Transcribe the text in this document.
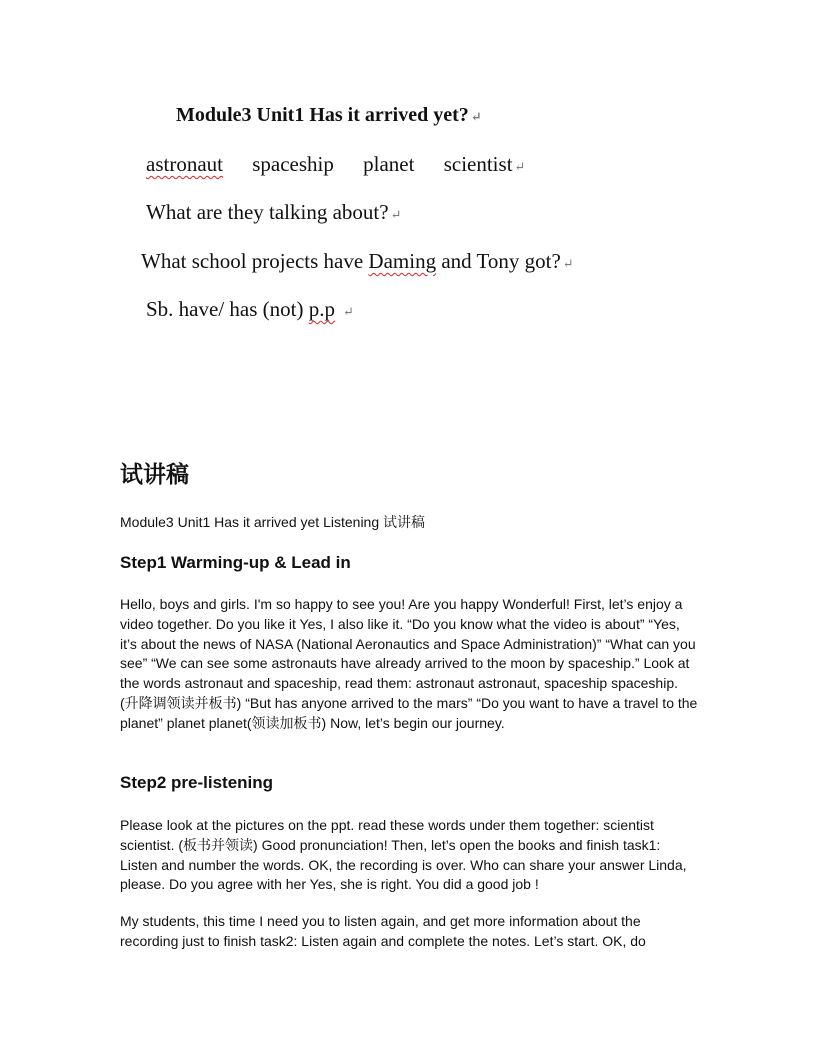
Module3 Unit1 Has it arrived yet? ↵
astronaut spaceship planet scientist ↵
What are they talking about? ↵
What school projects have Daming and Tony got? ↵
Sb. have/ has (not) p.p ↵
试讲稿
Module3 Unit1 Has it arrived yet Listening 试讲稿
Step1 Warming-up & Lead in
Hello, boys and girls. I'm so happy to see you! Are you happy Wonderful! First, let’s enjoy a video together. Do you like it Yes, I also like it. “Do you know what the video is about” “Yes, it’s about the news of NASA (National Aeronautics and Space Administration)” “What can you see” “We can see some astronauts have already arrived to the moon by spaceship.” Look at the words astronaut and spaceship, read them: astronaut astronaut, spaceship spaceship. (升降调领读并板书) “But has anyone arrived to the mars” “Do you want to have a travel to the planet” planet planet(领读加板书) Now, let’s begin our journey.
Step2 pre-listening
Please look at the pictures on the ppt. read these words under them together: scientist scientist. (板书并领读) Good pronunciation! Then, let’s open the books and finish task1: Listen and number the words. OK, the recording is over. Who can share your answer Linda, please. Do you agree with her Yes, she is right. You did a good job !
My students, this time I need you to listen again, and get more information about the recording just to finish task2: Listen again and complete the notes. Let’s start. OK, do
